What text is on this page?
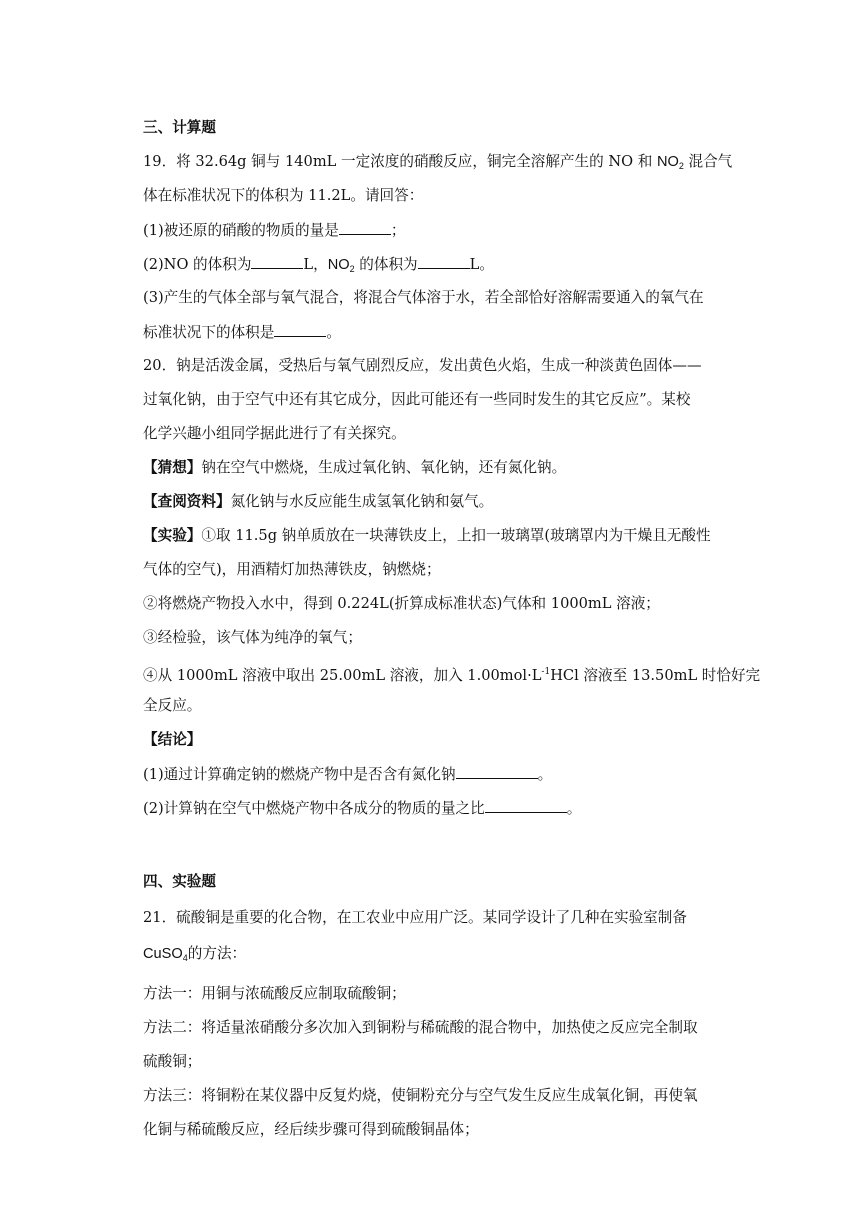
三、计算题
19．将 32.64g 铜与 140mL 一定浓度的硝酸反应，铜完全溶解产生的 NO 和 $NO_2$ 混合气
体在标准状况下的体积为 11.2L。请回答：
(1)被还原的硝酸的物质的量是	；
(2)NO 的体积为	L，$NO_2$ 的体积为	L。
(3)产生的气体全部与氧气混合，将混合气体溶于水，若全部恰好溶解需要通入的氧气在
标准状况下的体积是	。
20．钠是活泼金属，受热后与氧气剧烈反应，发出黄色火焰，生成一种淡黄色固体——
过氧化钠，由于空气中还有其它成分，因此可能还有一些同时发生的其它反应”。某校
化学兴趣小组同学据此进行了有关探究。
【猜想】钠在空气中燃烧，生成过氧化钠、氧化钠，还有氮化钠。
【查阅资料】氮化钠与水反应能生成氢氧化钠和氨气。
【实验】①取 11.5g 钠单质放在一块薄铁皮上，上扣一玻璃罩(玻璃罩内为干燥且无酸性
气体的空气)，用酒精灯加热薄铁皮，钠燃烧；
②将燃烧产物投入水中，得到 0.224L(折算成标准状态)气体和 1000mL 溶液；
③经检验，该气体为纯净的氧气；
④从 1000mL 溶液中取出 25.00mL 溶液，加入 $1.00mol\cdot L^{-1}HCl$ 溶液至 13.50mL 时恰好完
全反应。
【结论】
(1)通过计算确定钠的燃烧产物中是否含有氮化钠	。
(2)计算钠在空气中燃烧产物中各成分的物质的量之比	。
四、实验题
21．硫酸铜是重要的化合物，在工农业中应用广泛。某同学设计了几种在实验室制备
CuSO$_4$的方法：
方法一：用铜与浓硫酸反应制取硫酸铜；
方法二：将适量浓硝酸分多次加入到铜粉与稀硫酸的混合物中，加热使之反应完全制取
硫酸铜；
方法三：将铜粉在某仪器中反复灼烧，使铜粉充分与空气发生反应生成氧化铜，再使氧
化铜与稀硫酸反应，经后续步骤可得到硫酸铜晶体；
